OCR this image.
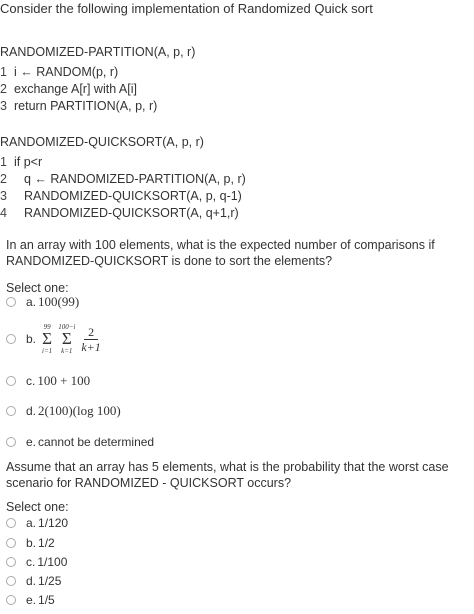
Consider the following implementation of Randomized Quick sort
RANDOMIZED-PARTITION(A, p, r)
1 i ← RANDOM(p, r)
2 exchange A[r] with A[i]
3 return PARTITION(A, p, r)
RANDOMIZED-QUICKSORT(A, p, r)
1 if p<r
2 q ← RANDOMIZED-PARTITION(A, p, r)
3 RANDOMIZED-QUICKSORT(A, p, q-1)
4 RANDOMIZED-QUICKSORT(A, q+1,r)
In an array with 100 elements, what is the expected number of comparisons if RANDOMIZED-QUICKSORT is done to sort the elements?
Select one:
a. 100(99)
b.
99
Σ
i=1
100−i
Σ
$k=1 \frac{2}{k+1}$
c. 100 + 100
d. 2(100)(log 100)
e. cannot be determined
Assume that an array has 5 elements, what is the probability that the worst case scenario for RANDOMIZED - QUICKSORT occurs?
Select one:
a. 1/120
b. 1/2
c. 1/100
d. 1/25
e. 1/5
